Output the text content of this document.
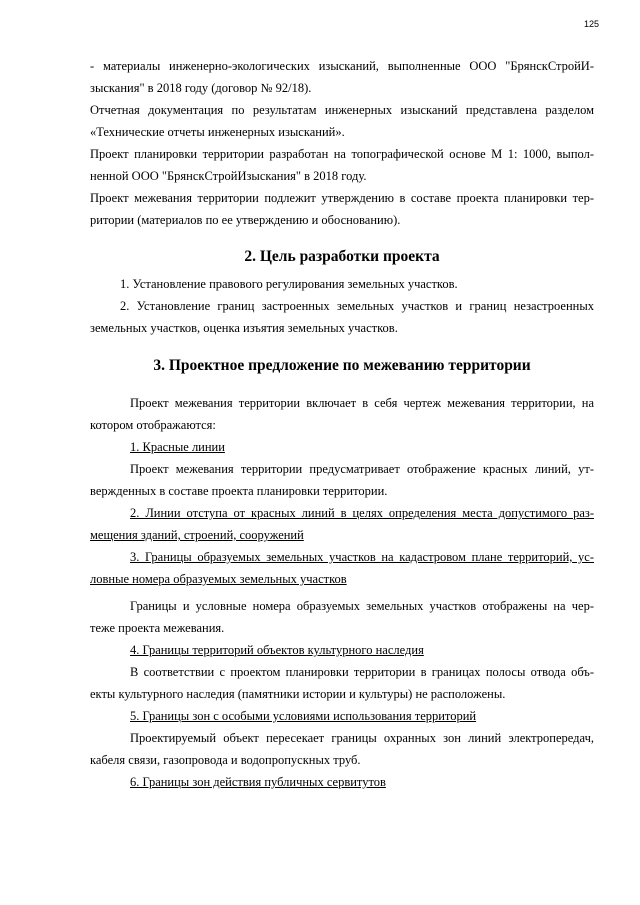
125

- материалы инженерно-экологических изысканий, выполненные ООО "БрянскСтройИ-

зыскания" в 2018 году (договор № 92/18).

Отчетная документация по результатам инженерных изысканий представлена разделом

«Технические отчеты инженерных изысканий».

Проект планировки территории разработан на топографической основе М 1: 1000, выпол-

ненной ООО "БрянскСтройИзыскания" в 2018 году.

Проект межевания территории подлежит утверждению в составе проекта планировки тер-

ритории (материалов по ее утверждению и обоснованию).

2. Цель разработки проекта

1. Установление правового регулирования земельных участков.

2. Установление границ застроенных земельных участков и границ незастроенных

земельных участков, оценка изъятия земельных участков.

3. Проектное предложение по межеванию территории

Проект межевания территории включает в себя чертеж межевания территории, на

котором отображаются:

1. Красные линии

Проект межевания территории предусматривает отображение красных линий, ут-

вержденных в составе проекта планировки территории.

2. Линии отступа от красных линий в целях определения места допустимого раз-

мещения зданий, строений, сооружений

3. Границы образуемых земельных участков на кадастровом плане территорий, ус-

ловные номера образуемых земельных участков

Границы и условные номера образуемых земельных участков отображены на чер-

теже проекта межевания.

4. Границы территорий объектов культурного наследия

В соответствии с проектом планировки территории в границах полосы отвода объ-

екты культурного наследия (памятники истории и культуры) не расположены.

5. Границы зон с особыми условиями использования территорий

Проектируемый объект пересекает границы охранных зон линий электропередач,

кабеля связи, газопровода и водопропускных труб.

6. Границы зон действия публичных сервитутов
